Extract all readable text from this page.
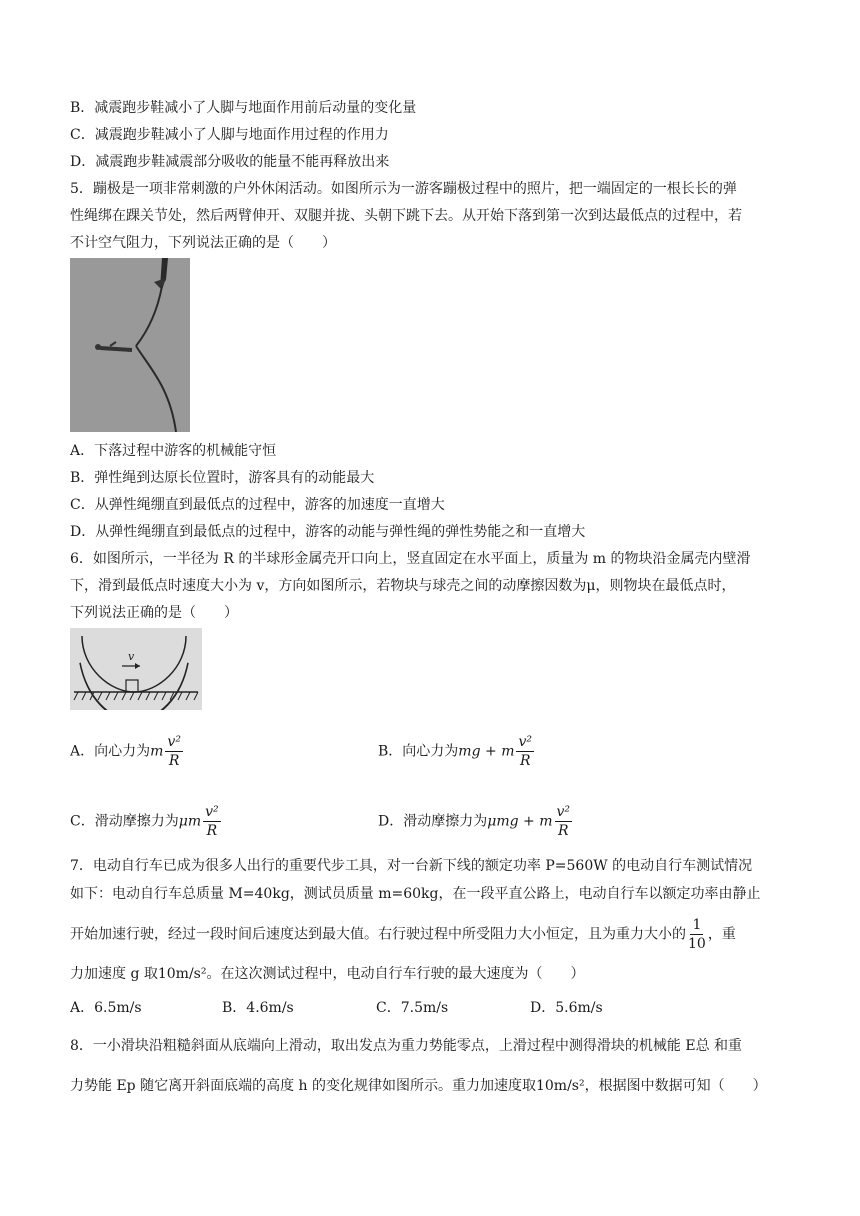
B．减震跑步鞋减小了人脚与地面作用前后动量的变化量
C．减震跑步鞋减小了人脚与地面作用过程的作用力
D．减震跑步鞋减震部分吸收的能量不能再释放出来
5．蹦极是一项非常刺激的户外休闲活动。如图所示为一游客蹦极过程中的照片，把一端固定的一根长长的弹
性绳绑在踝关节处，然后两臂伸开、双腿并拢、头朝下跳下去。从开始下落到第一次到达最低点的过程中，若
不计空气阻力，下列说法正确的是（　　）
A．下落过程中游客的机械能守恒
B．弹性绳到达原长位置时，游客具有的动能最大
C．从弹性绳绷直到最低点的过程中，游客的加速度一直增大
D．从弹性绳绷直到最低点的过程中，游客的动能与弹性绳的弹性势能之和一直增大
6．如图所示，一半径为 R 的半球形金属壳开口向上，竖直固定在水平面上，质量为 m 的物块沿金属壳内壁滑
下，滑到最低点时速度大小为 v，方向如图所示，若物块与球壳之间的动摩擦因数为μ，则物块在最低点时，
下列说法正确的是（　　）
v
A．向心力为m $\frac{\text{v²}}{R}$	B．向心力为mg + m $\frac{\text{v²}}{R}$
C．滑动摩擦力为μm $\frac{\text{v²}}{R}$	D．滑动摩擦力为μmg + m $\frac{\text{v²}}{R}$
7．电动自行车已成为很多人出行的重要代步工具，对一台新下线的额定功率 P=560W 的电动自行车测试情况
如下：电动自行车总质量 M=40kg，测试员质量 m=60kg，在一段平直公路上，电动自行车以额定功率由静止
开始加速行驶，经过一段时间后速度达到最大值。右行驶过程中所受阻力大小恒定，且为重力大小的 $\frac{1}{10}$ ，重
力加速度 g 取10m/s²。在这次测试过程中，电动自行车行驶的最大速度为（　　）
A．6.5m/s	B．4.6m/s	C．7.5m/s	D．5.6m/s
8．一小滑块沿粗糙斜面从底端向上滑动，取出发点为重力势能零点，上滑过程中测得滑块的机械能 E总 和重
力势能 Ep 随它离开斜面底端的高度 h 的变化规律如图所示。重力加速度取10m/s²，根据图中数据可知（　　）
